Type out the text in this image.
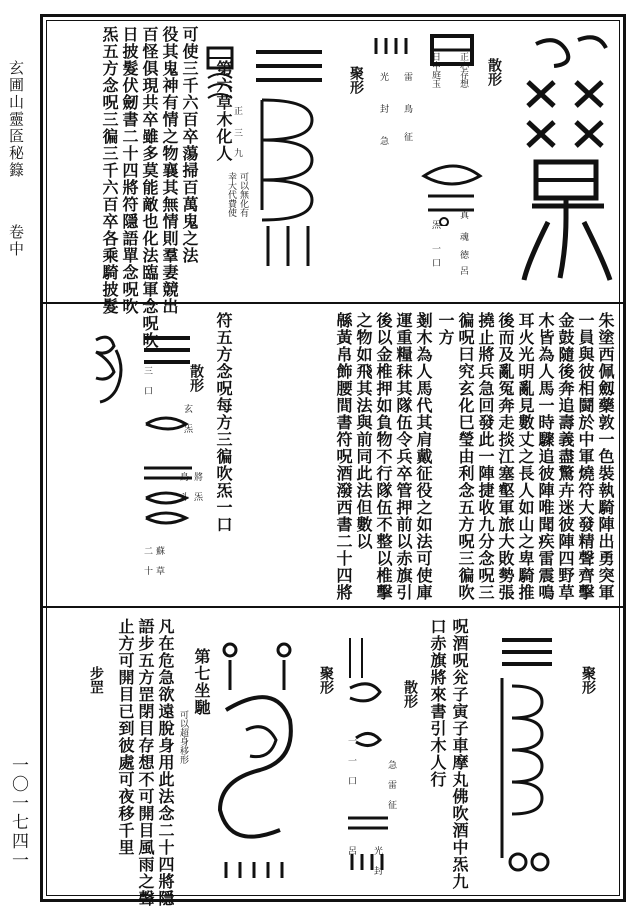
玄圃山靈匼秘籙
卷中
一〇一七四一
散形
正心存想
日中庭玉
真
炁
一
口
雷
征
光
封 鳥
魂
徳
呂
急
聚形
正
三
九
第六草木化人
可以無化有
幸大代費使
可使三千六百卒蕩掃百萬鬼之法
役其鬼神有情之物襄其無情則羣妻競出
百怪俱現共卒雖多莫能敵也化法臨軍念呪吹
日披髮伏劒書二十四將符隱語單念呪吹
炁五方念呪三徧三千六百卒各乘騎披髮
朱塗西佩劔藥敦一色裝執騎陣出勇突軍
一員與彼相鬪於中軍燒符大發精聲齊擊
金鼓隨後奔追壽義盡驚卉迷彼陣四野草
木皆為人馬一時驟追彼陣唯聞疾雷震鳴
耳火光明亂見數丈之長人如山之卑騎推
後而及亂冤奔走掞江塞壑軍旅大敗勢張
撓止將兵急回發此一陣捷收九分念呪三
徧呪曰究玄化巳瑩由利念五方呪三徧吹
一方
剗木為人馬代其肩戴征役之如法可使庫
運重糧秣其隊伍令兵卒管押前以赤旗引
後以金椎押如負物不行隊伍不整以椎擊
之物如飛其法與前同此法但數以
緜黃帛飾腰間書符呪酒潑西書二十四將
符五方念呪每方三徧吹炁一口
散形
玄
炁
三
口
二
十
蘇
草
將
炁
鳥
斗
聚形
呪酒呪兊子寅子車摩丸佛吹酒中炁九
口赤旗將來書引木人行
散形
急
雷
征
光
封
呂
一
一
口
聚形
第七坐馳
可以超身移形
凡在危急欲遠脫身用此法念二十四將隱
語步五方罡閉目存想不可開目風雨之聲
止方可開目已到彼處可夜移千里
步罡
